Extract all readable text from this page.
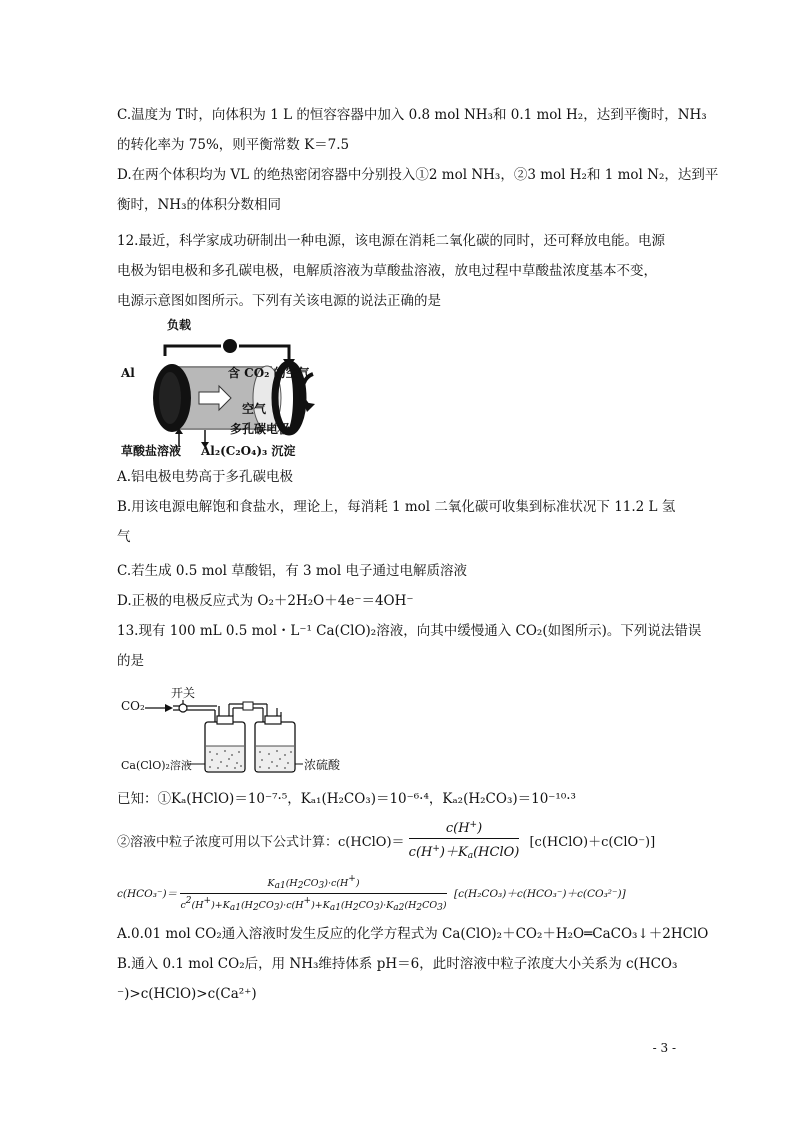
C.温度为 T时，向体积为 1 L 的恒容容器中加入 0.8 mol NH₃和 0.1 mol H₂，达到平衡时，NH₃
的转化率为 75%，则平衡常数 K＝7.5
D.在两个体积均为 VL 的绝热密闭容器中分别投入①2 mol NH₃，②3 mol H₂和 1 mol N₂，达到平
衡时，NH₃的体积分数相同
12.最近，科学家成功研制出一种电源，该电源在消耗二氧化碳的同时，还可释放电能。电源
电极为铝电极和多孔碳电极，电解质溶液为草酸盐溶液，放电过程中草酸盐浓度基本不变，
电源示意图如图所示。下列有关该电源的说法正确的是
负载
Al	含 CO₂ 的空气
空气
多孔碳电极
草酸盐溶液 Al₂(C₂O₄)₃ 沉淀
A.铝电极电势高于多孔碳电极
B.用该电源电解饱和食盐水，理论上，每消耗 1 mol 二氧化碳可收集到标准状况下 11.2 L 氢
气
C.若生成 0.5 mol 草酸铝，有 3 mol 电子通过电解质溶液
D.正极的电极反应式为 O₂＋2H₂O＋4e⁻＝4OH⁻
13.现有 100 mL 0.5 mol・L⁻¹ Ca(ClO)₂溶液，向其中缓慢通入 CO₂(如图所示)。下列说法错误
的是
CO₂
开关
Ca(ClO)₂溶液	浓硫酸
已知：①Kₐ(HClO)＝10⁻⁷·⁵，Kₐ₁(H₂CO₃)＝10⁻⁶·⁴，Kₐ₂(H₂CO₃)＝10⁻¹⁰·³
②溶液中粒子浓度可用以下公式计算：c(HClO)＝ $\frac{c(H^+)}{c(H^+)+K_a(HClO)}$ [c(HClO)＋c(ClO⁻)]
$c(HCO_3^-)= \frac{K_{a1}(H_2CO_3)\cdot c(H^+)}{c^2(H^+)+K_{a1}(H_2CO_3)\cdot c(H^+)+K_{a1}(H_2CO_3)\cdot K_{a2}(H_2CO_3)} [c(H_2CO_3)+c(HCO_3^-)+c(CO_3^{2-})]$
A.0.01 mol CO₂通入溶液时发生反应的化学方程式为 Ca(ClO)₂＋CO₂＋H₂O═CaCO₃↓＋2HClO
B.通入 0.1 mol CO₂后，用 NH₃维持体系 pH＝6，此时溶液中粒子浓度大小关系为 c(HCO₃
⁻)>c(HClO)>c(Ca²⁺)
- 3 -
